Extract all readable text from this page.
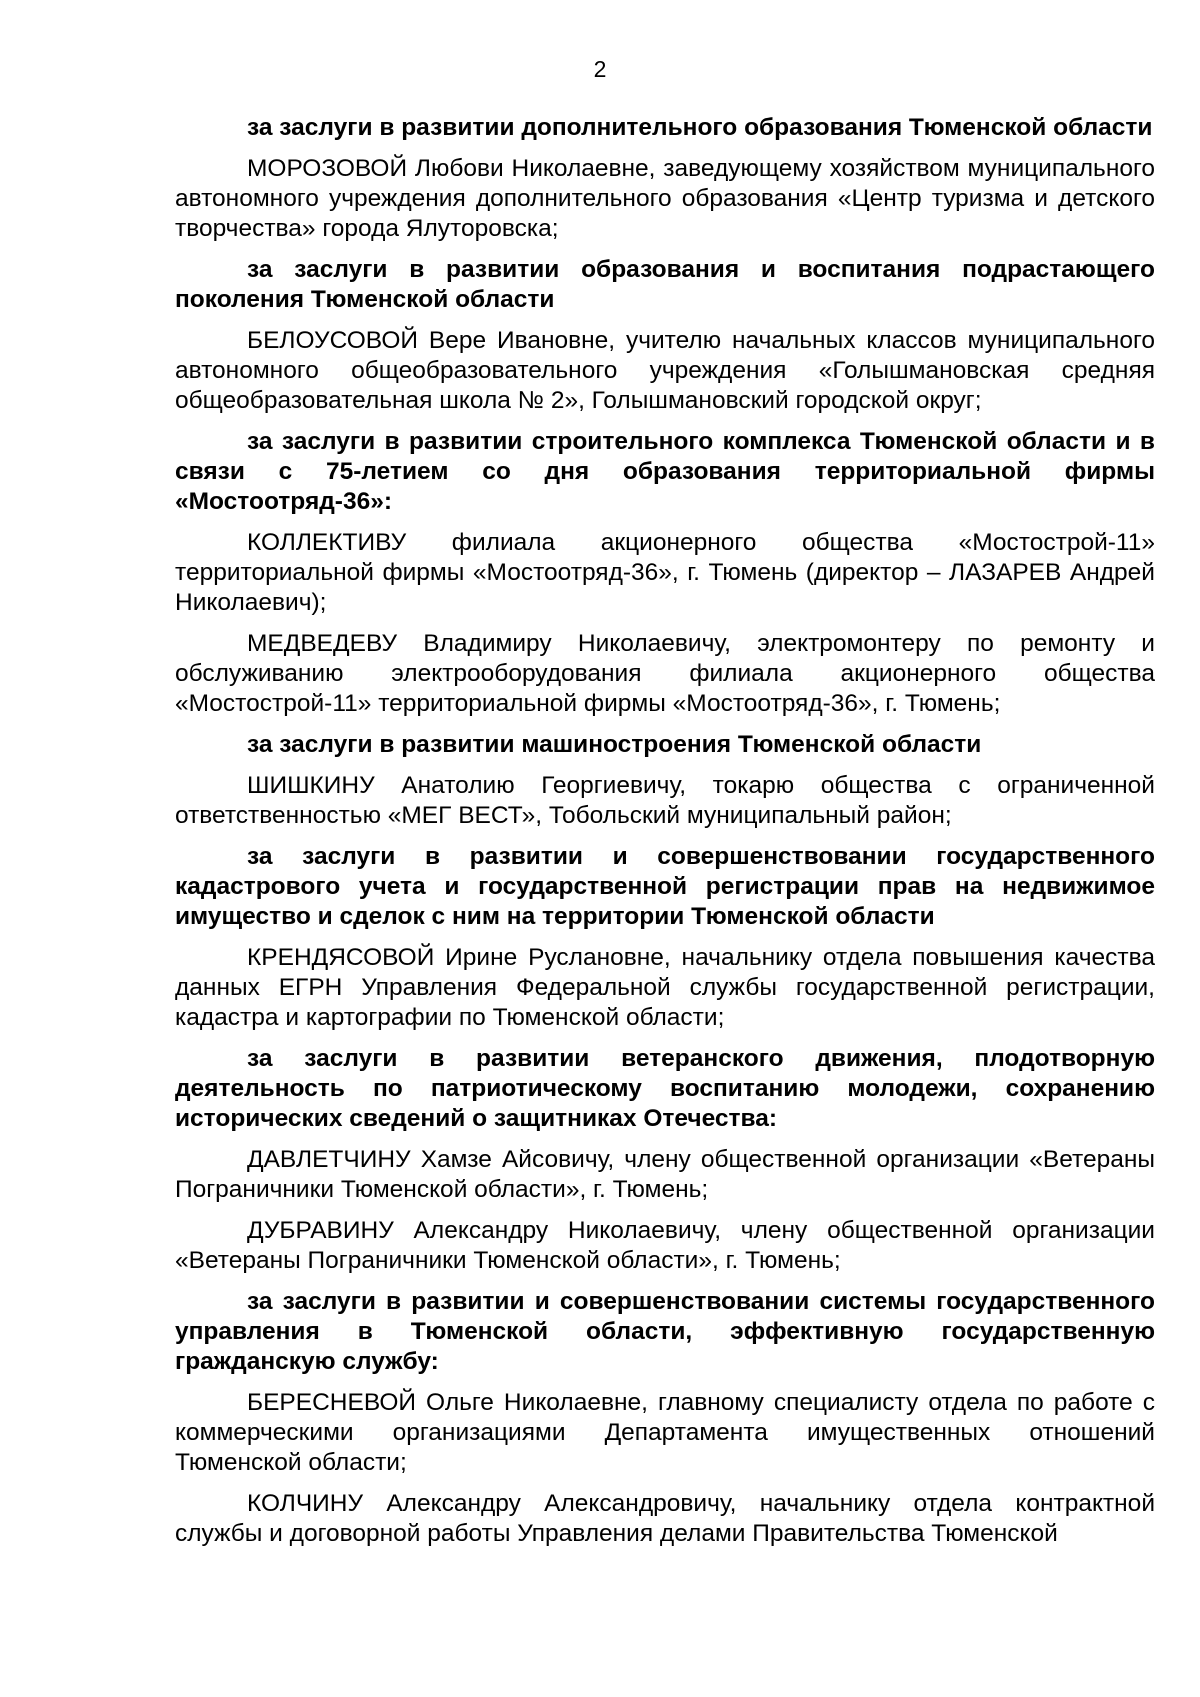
2

за заслуги в развитии дополнительного образования Тюменской области

МОРОЗОВОЙ Любови Николаевне, заведующему хозяйством муниципального автономного учреждения дополнительного образования «Центр туризма и детского творчества» города Ялуторовска;

за заслуги в развитии образования и воспитания подрастающего поколения Тюменской области

БЕЛОУСОВОЙ Вере Ивановне, учителю начальных классов муниципального автономного общеобразовательного учреждения «Голышмановская средняя общеобразовательная школа № 2», Голышмановский городской округ;

за заслуги в развитии строительного комплекса Тюменской области и в связи с 75-летием со дня образования территориальной фирмы «Мостоотряд-36»:

КОЛЛЕКТИВУ филиала акционерного общества «Мостострой-11» территориальной фирмы «Мостоотряд-36», г. Тюмень (директор – ЛАЗАРЕВ Андрей Николаевич);

МЕДВЕДЕВУ Владимиру Николаевичу, электромонтеру по ремонту и обслуживанию электрооборудования филиала акционерного общества «Мостострой-11» территориальной фирмы «Мостоотряд-36», г. Тюмень;

за заслуги в развитии машиностроения Тюменской области

ШИШКИНУ Анатолию Георгиевичу, токарю общества с ограниченной ответственностью «МЕГ ВЕСТ», Тобольский муниципальный район;

за заслуги в развитии и совершенствовании государственного кадастрового учета и государственной регистрации прав на недвижимое имущество и сделок с ним на территории Тюменской области

КРЕНДЯСОВОЙ Ирине Руслановне, начальнику отдела повышения качества данных ЕГРН Управления Федеральной службы государственной регистрации, кадастра и картографии по Тюменской области;

за заслуги в развитии ветеранского движения, плодотворную деятельность по патриотическому воспитанию молодежи, сохранению исторических сведений о защитниках Отечества:

ДАВЛЕТЧИНУ Хамзе Айсовичу, члену общественной организации «Ветераны Пограничники Тюменской области», г. Тюмень;

ДУБРАВИНУ Александру Николаевичу, члену общественной организации «Ветераны Пограничники Тюменской области», г. Тюмень;

за заслуги в развитии и совершенствовании системы государственного управления в Тюменской области, эффективную государственную гражданскую службу:

БЕРЕСНЕВОЙ Ольге Николаевне, главному специалисту отдела по работе с коммерческими организациями Департамента имущественных отношений Тюменской области;

КОЛЧИНУ Александру Александровичу, начальнику отдела контрактной службы и договорной работы Управления делами Правительства Тюменской
